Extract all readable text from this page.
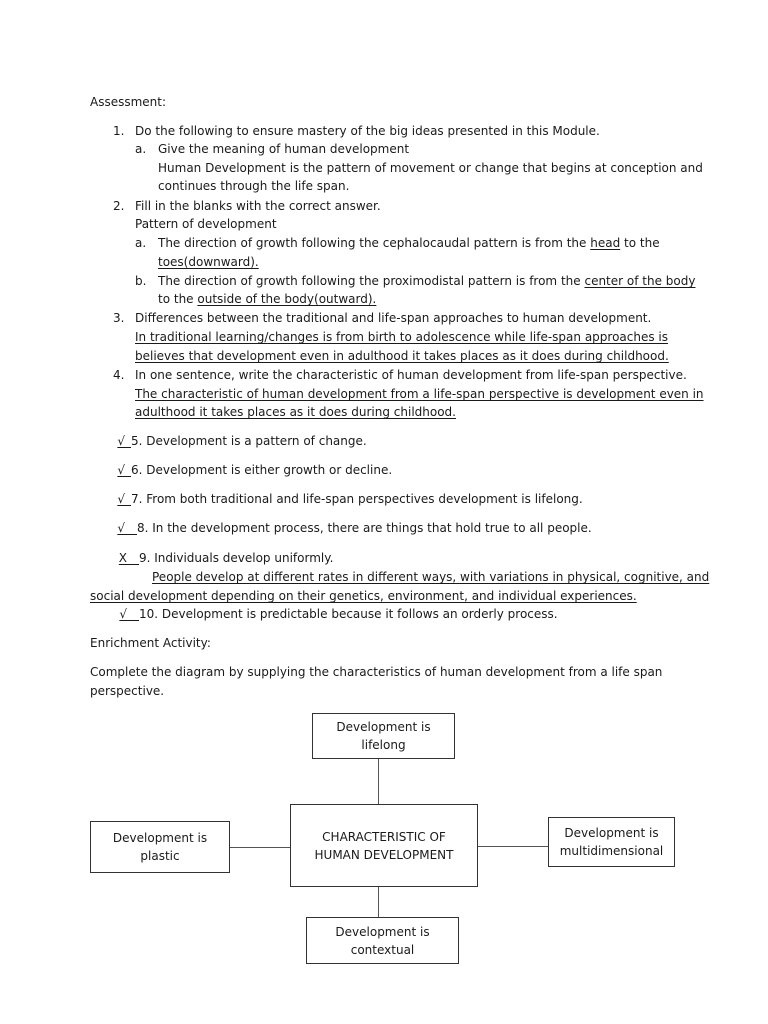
Assessment:
1. Do the following to ensure mastery of the big ideas presented in this Module.
a. Give the meaning of human development
Human Development is the pattern of movement or change that begins at conception and
continues through the life span.
2. Fill in the blanks with the correct answer.
Pattern of development
a. The direction of growth following the cephalocaudal pattern is from the head to the
toes(downward).
b. The direction of growth following the proximodistal pattern is from the center of the body
to the outside of the body(outward).
3. Differences between the traditional and life-span approaches to human development.
In traditional learning/changes is from birth to adolescence while life-span approaches is
believes that development even in adulthood it takes places as it does during childhood.
4. In one sentence, write the characteristic of human development from life-span perspective.
The characteristic of human development from a life-span perspective is development even in
adulthood it takes places as it does during childhood.
√  5. Development is a pattern of change.
√  6. Development is either growth or decline.
√  7. From both traditional and life-span perspectives development is lifelong.
√   8. In the development process, there are things that hold true to all people.
X   9. Individuals develop uniformly.
People develop at different rates in different ways, with variations in physical, cognitive, and
social development depending on their genetics, environment, and individual experiences.
√   10. Development is predictable because it follows an orderly process.
Enrichment Activity:
Complete the diagram by supplying the characteristics of human development from a life span
perspective.
Development is
lifelong
CHARACTERISTIC OF
HUMAN DEVELOPMENT
Development is
plastic
Development is
multidimensional
Development is
contextual
